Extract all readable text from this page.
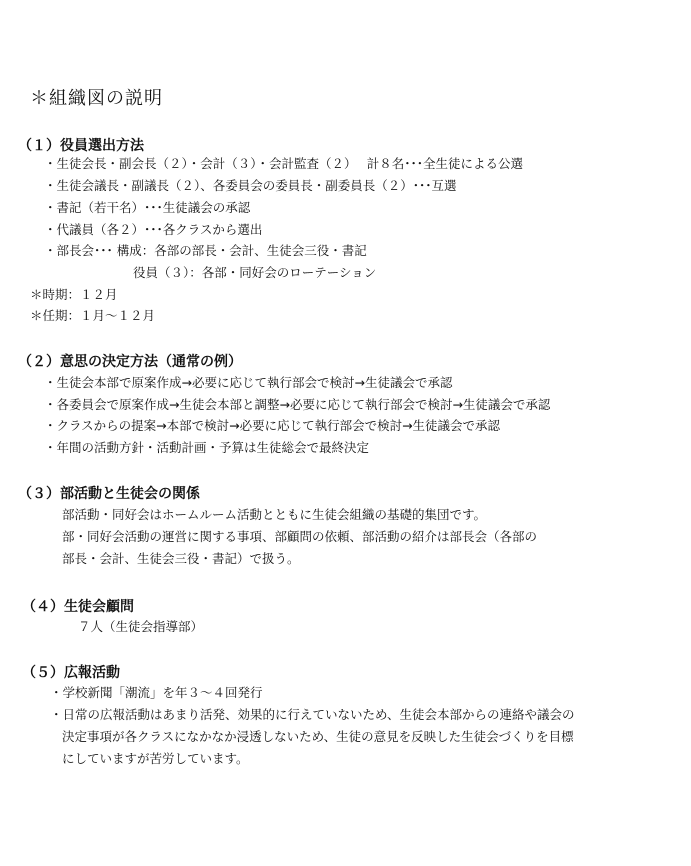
＊組織図の説明
（１）役員選出方法
・生徒会長・副会長（２）・会計（３）・会計監査（２）　 計８名･･･全生徒による公選
・生徒会議長・副議長（２）、各委員会の委員長・副委員長（２）･･･互選
・書記（若干名）･･･生徒議会の承認
・代議員（各２）･･･各クラスから選出
・部長会･･･ 構成：各部の部長・会計、生徒会三役・書記
役員（３）：各部・同好会のローテーション
＊時期：１２月
＊任期：１月～１２月
（２）意思の決定方法（通常の例）
・生徒会本部で原案作成→必要に応じて執行部会で検討→生徒議会で承認
・各委員会で原案作成→生徒会本部と調整→必要に応じて執行部会で検討→生徒議会で承認
・クラスからの提案→本部で検討→必要に応じて執行部会で検討→生徒議会で承認
・年間の活動方針・活動計画・予算は生徒総会で最終決定
（３）部活動と生徒会の関係
部活動・同好会はホームルーム活動とともに生徒会組織の基礎的集団です。
部・同好会活動の運営に関する事項、部顧問の依頼、部活動の紹介は部長会（各部の
部長・会計、生徒会三役・書記）で扱う。
（４）生徒会顧問
７人（生徒会指導部）
（５）広報活動
・学校新聞「潮流」を年３～４回発行
・日常の広報活動はあまり活発、効果的に行えていないため、生徒会本部からの連絡や議会の
決定事項が各クラスになかなか浸透しないため、生徒の意見を反映した生徒会づくりを目標
にしていますが苦労しています。
